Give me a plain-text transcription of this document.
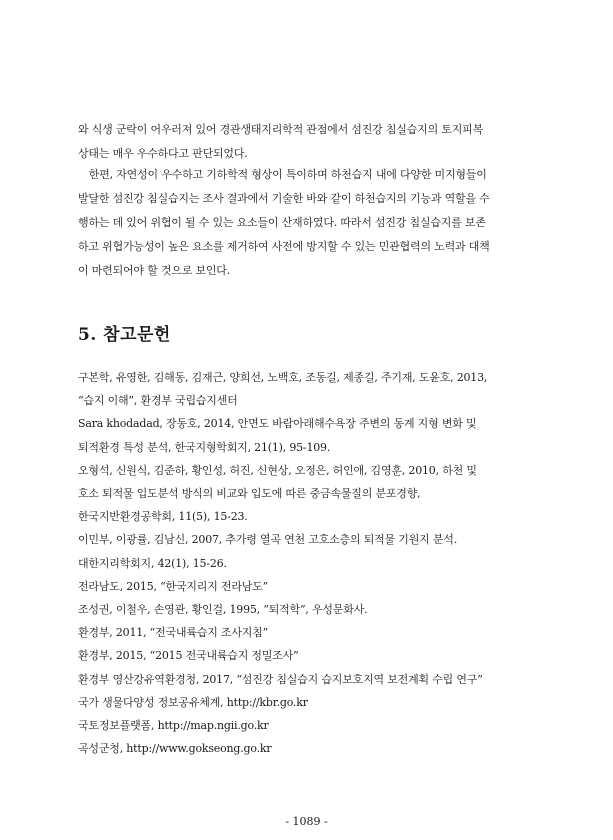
와 식생 군락이 어우러져 있어 경관생태지리학적 관점에서 섬진강 침실습지의 토지피복
상태는 매우 우수하다고 판단되었다.

　한편, 자연성이 우수하고 기하학적 형상이 특이하며 하천습지 내에 다양한 미지형들이
발달한 섬진강 침실습지는 조사 결과에서 기술한 바와 같이 하천습지의 기능과 역할을 수
행하는 데 있어 위협이 될 수 있는 요소들이 산재하였다. 따라서 섬진강 침실습지를 보존
하고 위협가능성이 높은 요소를 제거하여 사전에 방지할 수 있는 민관협력의 노력과 대책
이 마련되어야 할 것으로 보인다.

5. 참고문헌
구본학, 유영한, 김해동, 김재근, 양희선, 노백호, 조동길, 제종길, 주기재, 도윤호, 2013,
“습지 이해”, 환경부 국립습지센터
Sara khodadad, 장동호, 2014, 안면도 바람아래해수욕장 주변의 동계 지형 변화 및
퇴적환경 특성 분석, 한국지형학회지, 21(1), 95-109.
오형석, 신원식, 김준하, 황인성, 허진, 신현상, 오정은, 허인애, 김영훈, 2010, 하천 및
호소 퇴적물 입도분석 방식의 비교와 입도에 따른 중금속물질의 분포경향,
한국지반환경공학회, 11(5), 15-23.
이민부, 이광률, 김남신, 2007, 추가령 열곡 연천 고호소층의 퇴적물 기원지 분석.
대한지리학회지, 42(1), 15-26.
전라남도, 2015, “한국지리지 전라남도”
조성권, 이철우, 손영관, 황인걸, 1995, “퇴적학”, 우성문화사.
환경부, 2011, “전국내륙습지 조사지침”
환경부, 2015, “2015 전국내륙습지 정밀조사”
환경부 영산강유역환경청, 2017, “섬진강 침실습지 습지보호지역 보전계획 수립 연구”
국가 생물다양성 정보공유체계, http://kbr.go.kr
국토정보플랫폼, http://map.ngii.go.kr
곡성군청, http://www.gokseong.go.kr
- 1089 -
